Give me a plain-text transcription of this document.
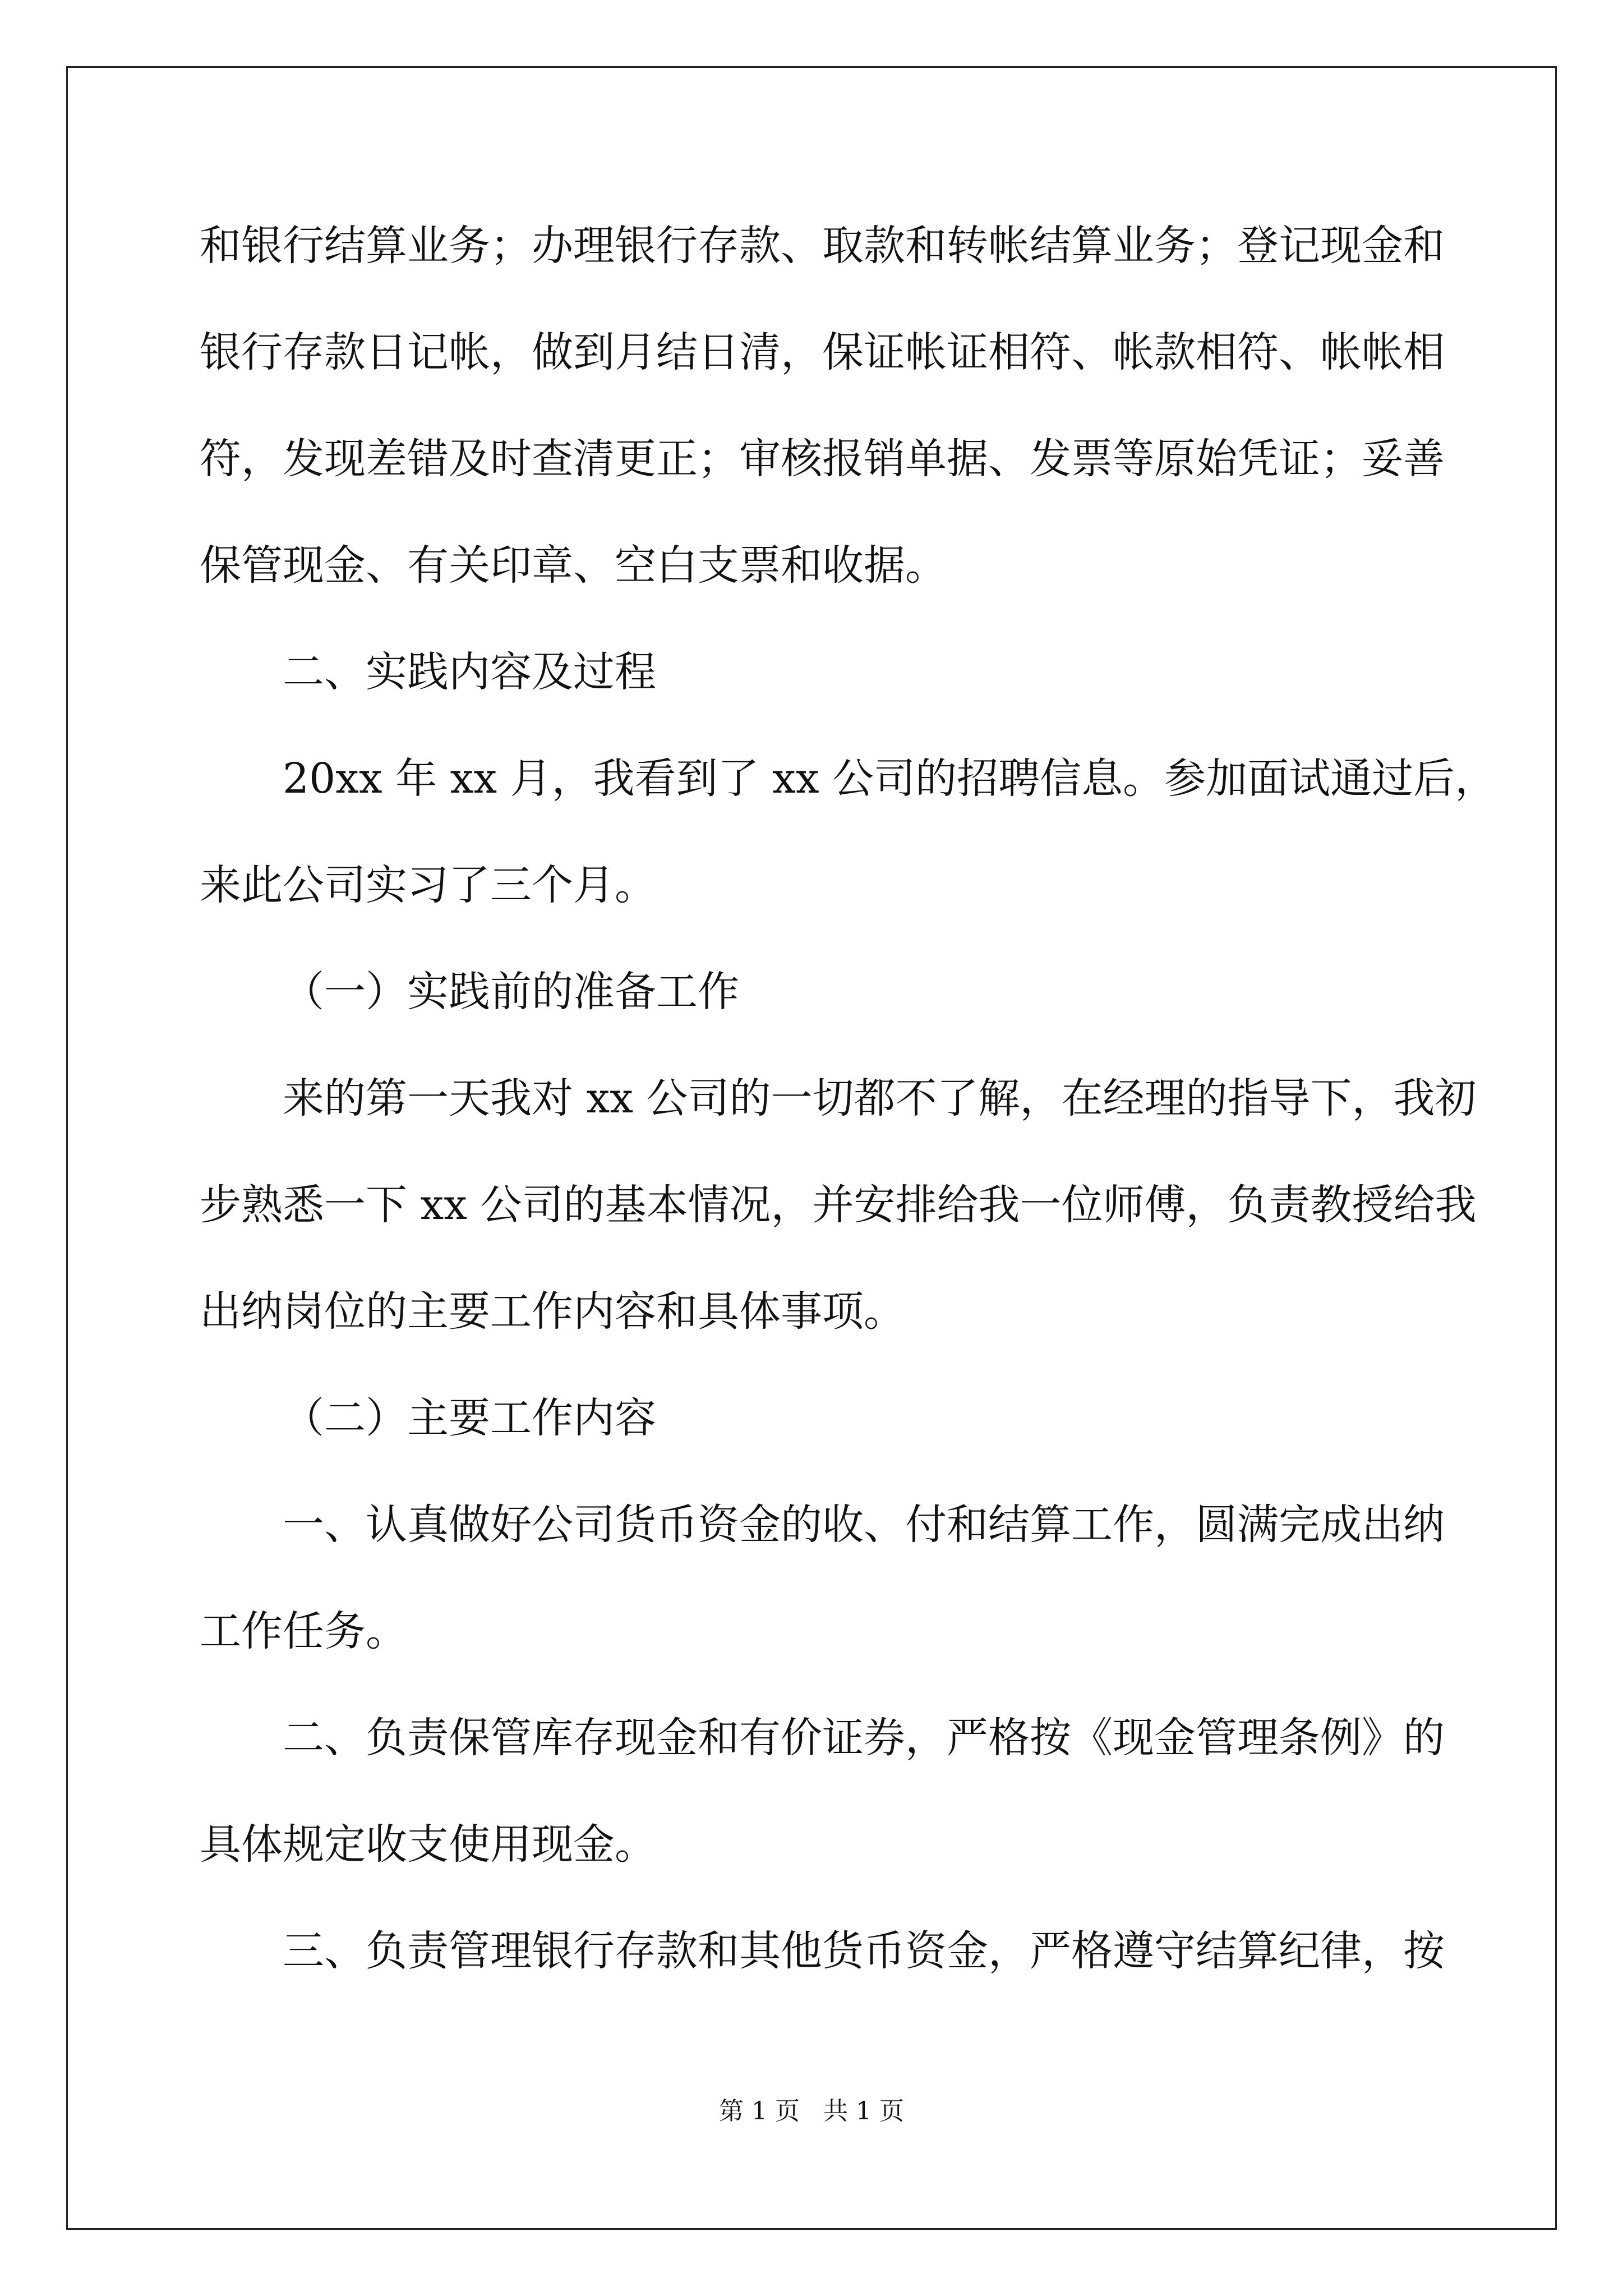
和银行结算业务；办理银行存款、取款和转帐结算业务；登记现金和
银行存款日记帐，做到月结日清，保证帐证相符、帐款相符、帐帐相
符，发现差错及时查清更正；审核报销单据、发票等原始凭证；妥善
保管现金、有关印章、空白支票和收据。
二、实践内容及过程
20xx 年 xx 月，我看到了 xx 公司的招聘信息。参加面试通过后，
来此公司实习了三个月。
（一）实践前的准备工作
来的第一天我对 xx 公司的一切都不了解，在经理的指导下，我初
步熟悉一下 xx 公司的基本情况，并安排给我一位师傅，负责教授给我
出纳岗位的主要工作内容和具体事项。
（二）主要工作内容
一、认真做好公司货币资金的收、付和结算工作，圆满完成出纳
工作任务。
二、负责保管库存现金和有价证券，严格按《现金管理条例》的
具体规定收支使用现金。
三、负责管理银行存款和其他货币资金，严格遵守结算纪律，按
第 1 页   共 1 页
